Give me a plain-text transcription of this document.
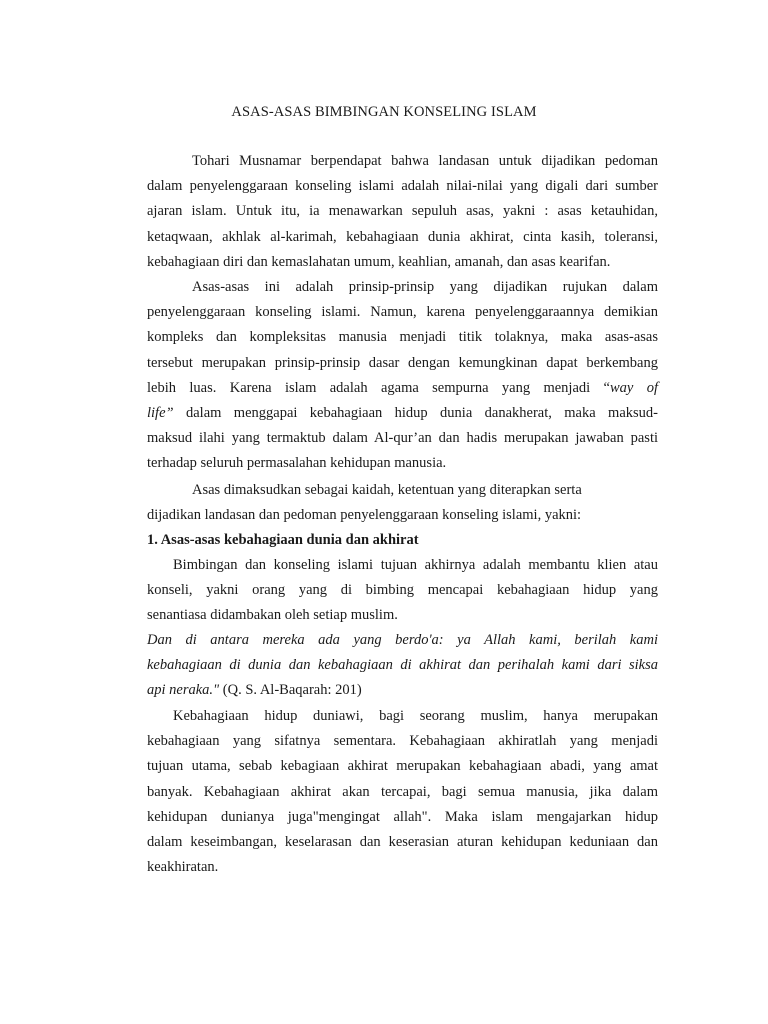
ASAS-ASAS BIMBINGAN KONSELING ISLAM
Tohari Musnamar berpendapat bahwa landasan untuk dijadikan pedoman
dalam penyelenggaraan konseling islami adalah nilai-nilai yang digali dari sumber
ajaran islam. Untuk itu, ia menawarkan sepuluh asas, yakni : asas ketauhidan,
ketaqwaan, akhlak al-karimah, kebahagiaan dunia akhirat, cinta kasih, toleransi,
kebahagiaan diri dan kemaslahatan umum, keahlian, amanah, dan asas kearifan.
Asas-asas ini adalah prinsip-prinsip yang dijadikan rujukan dalam
penyelenggaraan konseling islami. Namun, karena penyelenggaraannya demikian
kompleks dan kompleksitas manusia menjadi titik tolaknya, maka asas-asas
tersebut merupakan prinsip-prinsip dasar dengan kemungkinan dapat berkembang
lebih luas. Karena islam adalah agama sempurna yang menjadi “way of
life” dalam menggapai kebahagiaan hidup dunia danakherat, maka maksud-
maksud ilahi yang termaktub dalam Al-qur’an dan hadis merupakan jawaban pasti
terhadap seluruh permasalahan kehidupan manusia.
Asas dimaksudkan sebagai kaidah, ketentuan yang diterapkan serta
dijadikan landasan dan pedoman penyelenggaraan konseling islami, yakni:
1. Asas-asas kebahagiaan dunia dan akhirat
Bimbingan dan konseling islami tujuan akhirnya adalah membantu klien atau
konseli, yakni orang yang di bimbing mencapai kebahagiaan hidup yang
senantiasa didambakan oleh setiap muslim.
Dan di antara mereka ada yang berdo'a: ya Allah kami, berilah kami
kebahagiaan di dunia dan kebahagiaan di akhirat dan perihalah kami dari siksa
api neraka." (Q. S. Al-Baqarah: 201)
Kebahagiaan hidup duniawi, bagi seorang muslim, hanya merupakan
kebahagiaan yang sifatnya sementara. Kebahagiaan akhiratlah yang menjadi
tujuan utama, sebab kebagiaan akhirat merupakan kebahagiaan abadi, yang amat
banyak. Kebahagiaan akhirat akan tercapai, bagi semua manusia, jika dalam
kehidupan dunianya juga"mengingat allah". Maka islam mengajarkan hidup
dalam keseimbangan, keselarasan dan keserasian aturan kehidupan keduniaan dan
keakhiratan.
